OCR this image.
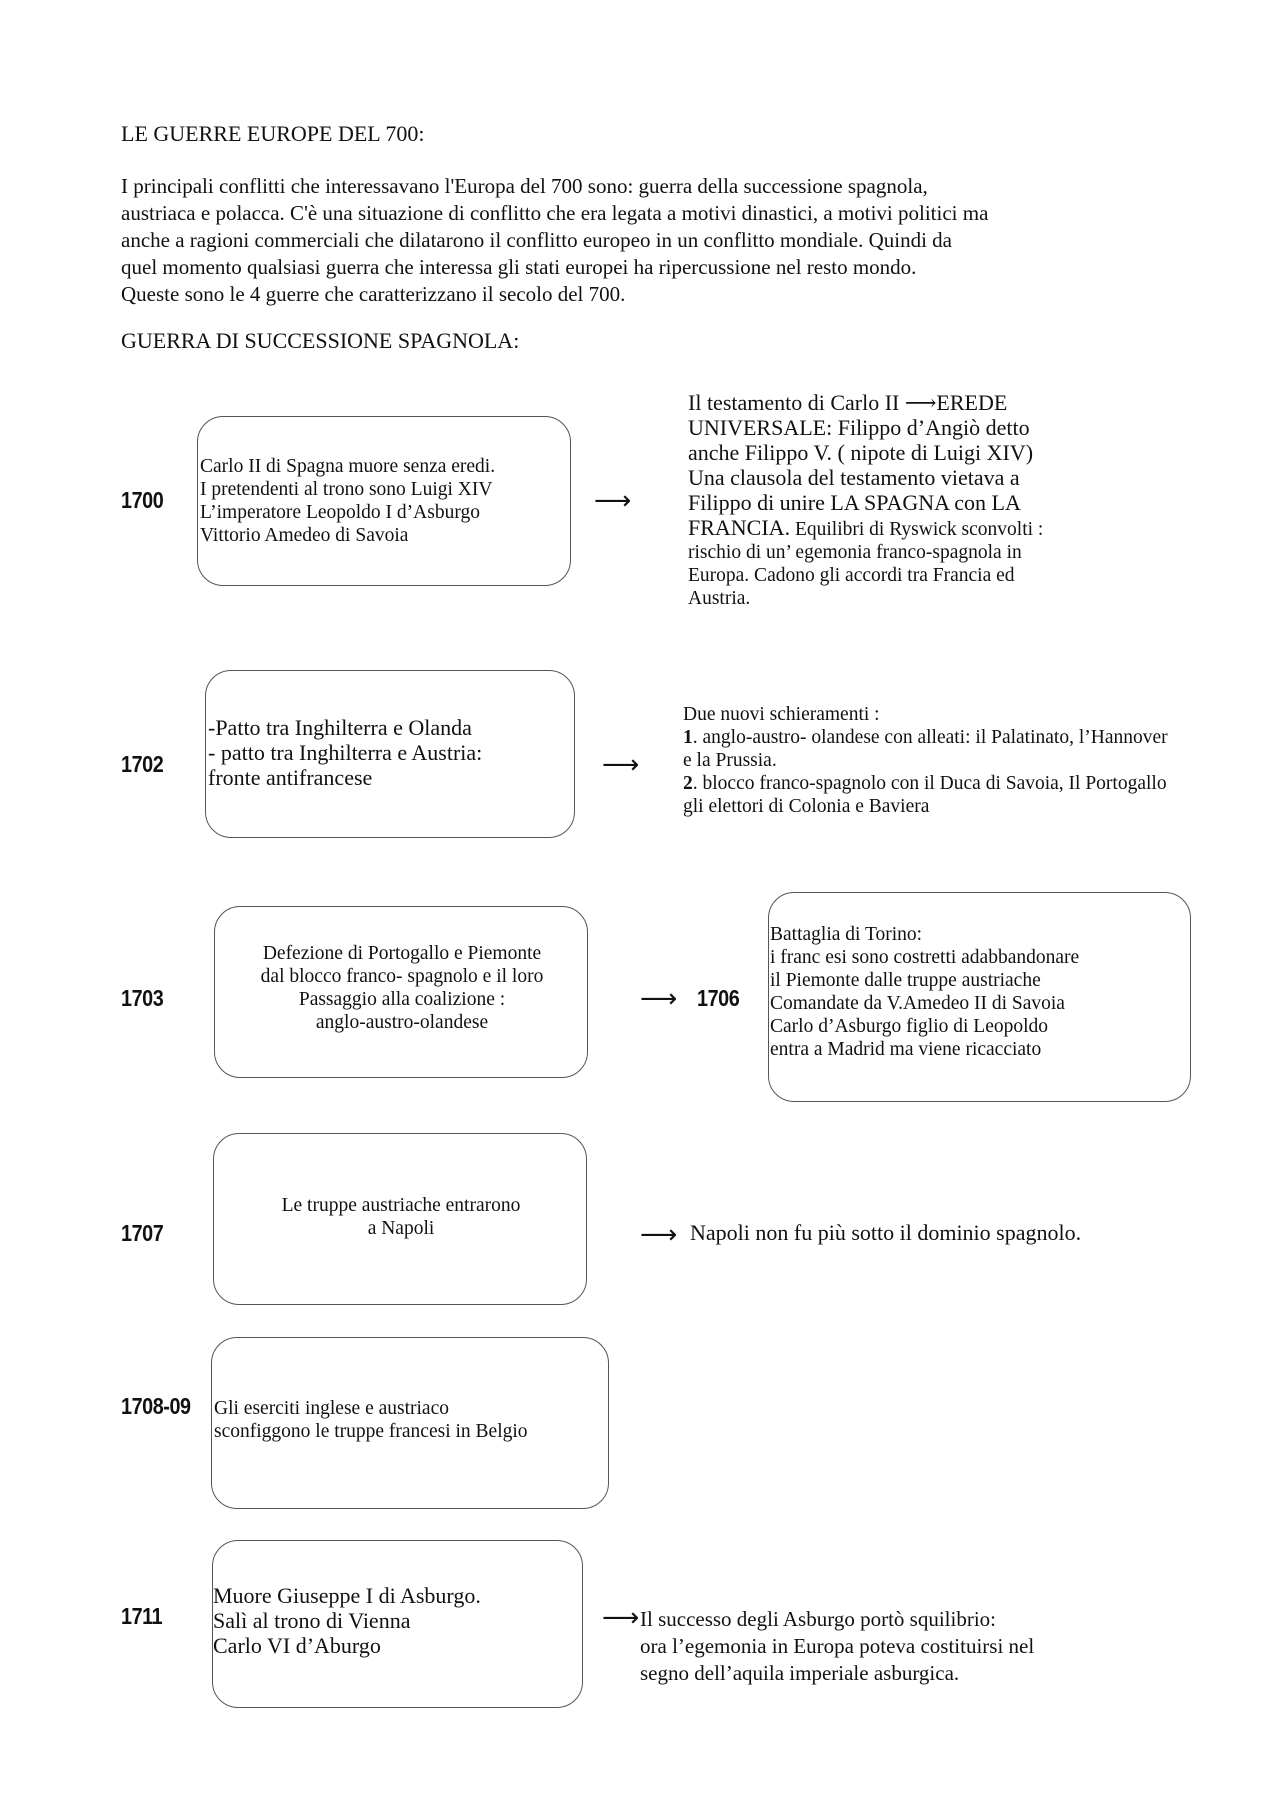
LE GUERRE EUROPE DEL 700:
I principali conflitti che interessavano l'Europa del 700 sono: guerra della successione spagnola,
austriaca e polacca. C'è una situazione di conflitto che era legata a motivi dinastici, a motivi politici ma
anche a ragioni commerciali che dilatarono il conflitto europeo in un conflitto mondiale. Quindi da
quel momento qualsiasi guerra che interessa gli stati europei ha ripercussione nel resto mondo.
Queste sono le 4 guerre che caratterizzano il secolo del 700.
GUERRA DI SUCCESSIONE SPAGNOLA:
1700
Carlo II di Spagna muore senza eredi.
I pretendenti al trono sono Luigi XIV
L’imperatore Leopoldo I d’Asburgo
Vittorio Amedeo di Savoia
⟶
Il testamento di Carlo II ⟶EREDE
UNIVERSALE: Filippo d’Angiò detto
anche Filippo V. ( nipote di Luigi XIV)
Una clausola del testamento vietava a
Filippo di unire LA SPAGNA con LA
FRANCIA. Equilibri di Ryswick sconvolti :
rischio di un’ egemonia franco-spagnola in
Europa. Cadono gli accordi tra Francia ed
Austria.
1702
-Patto tra Inghilterra e Olanda
- patto tra Inghilterra e Austria:
fronte antifrancese	⟶
Due nuovi schieramenti :
1. anglo-austro- olandese con alleati: il Palatinato, l’Hannover
e la Prussia.
2. blocco franco-spagnolo con il Duca di Savoia, Il Portogallo
gli elettori di Colonia e Baviera
1703
Defezione di Portogallo e Piemonte
dal blocco franco- spagnolo e il loro
Passaggio alla coalizione :
anglo-austro-olandese
⟶ 1706
Battaglia di Torino:
i franc esi sono costretti adabbandonare
il Piemonte dalle truppe austriache
Comandate da V.Amedeo II di Savoia
Carlo d’Asburgo figlio di Leopoldo
entra a Madrid ma viene ricacciato
1707
Le truppe austriache entrarono
a Napoli	⟶ Napoli non fu più sotto il dominio spagnolo.
1708-09 Gli eserciti inglese e austriaco
sconfiggono le truppe francesi in Belgio
1711
Muore Giuseppe I di Asburgo.
Salì al trono di Vienna
Carlo VI d’Aburgo
⟶ Il successo degli Asburgo portò squilibrio:
ora l’egemonia in Europa poteva costituirsi nel
segno dell’aquila imperiale asburgica.
